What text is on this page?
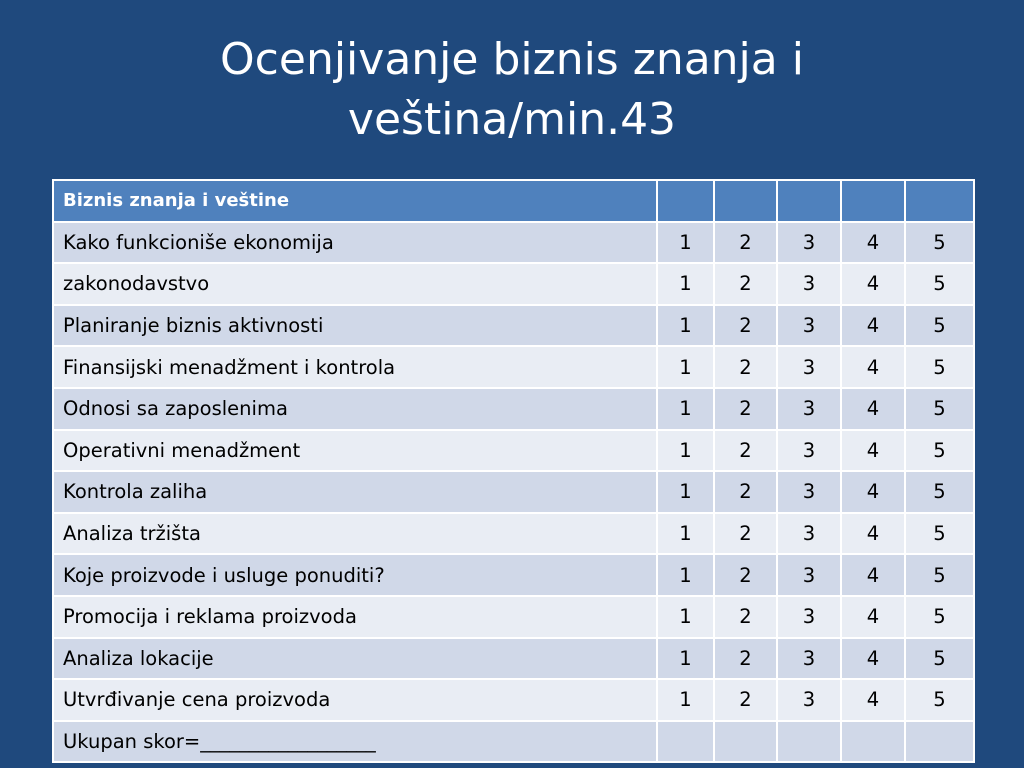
Ocenjivanje biznis znanja i
veština/min.43
Biznis znanja i veštine					
Kako funkcioniše ekonomija	1	2	3	4	5
zakonodavstvo	1	2	3	4	5
Planiranje biznis aktivnosti	1	2	3	4	5
Finansijski menadžment i kontrola	1	2	3	4	5
Odnosi sa zaposlenima	1	2	3	4	5
Operativni menadžment	1	2	3	4	5
Kontrola zaliha	1	2	3	4	5
Analiza tržišta	1	2	3	4	5
Koje proizvode i usluge ponuditi?	1	2	3	4	5
Promocija i reklama proizvoda	1	2	3	4	5
Analiza lokacije	1	2	3	4	5
Utvrđivanje cena proizvoda	1	2	3	4	5
Ukupan skor=__________________					
